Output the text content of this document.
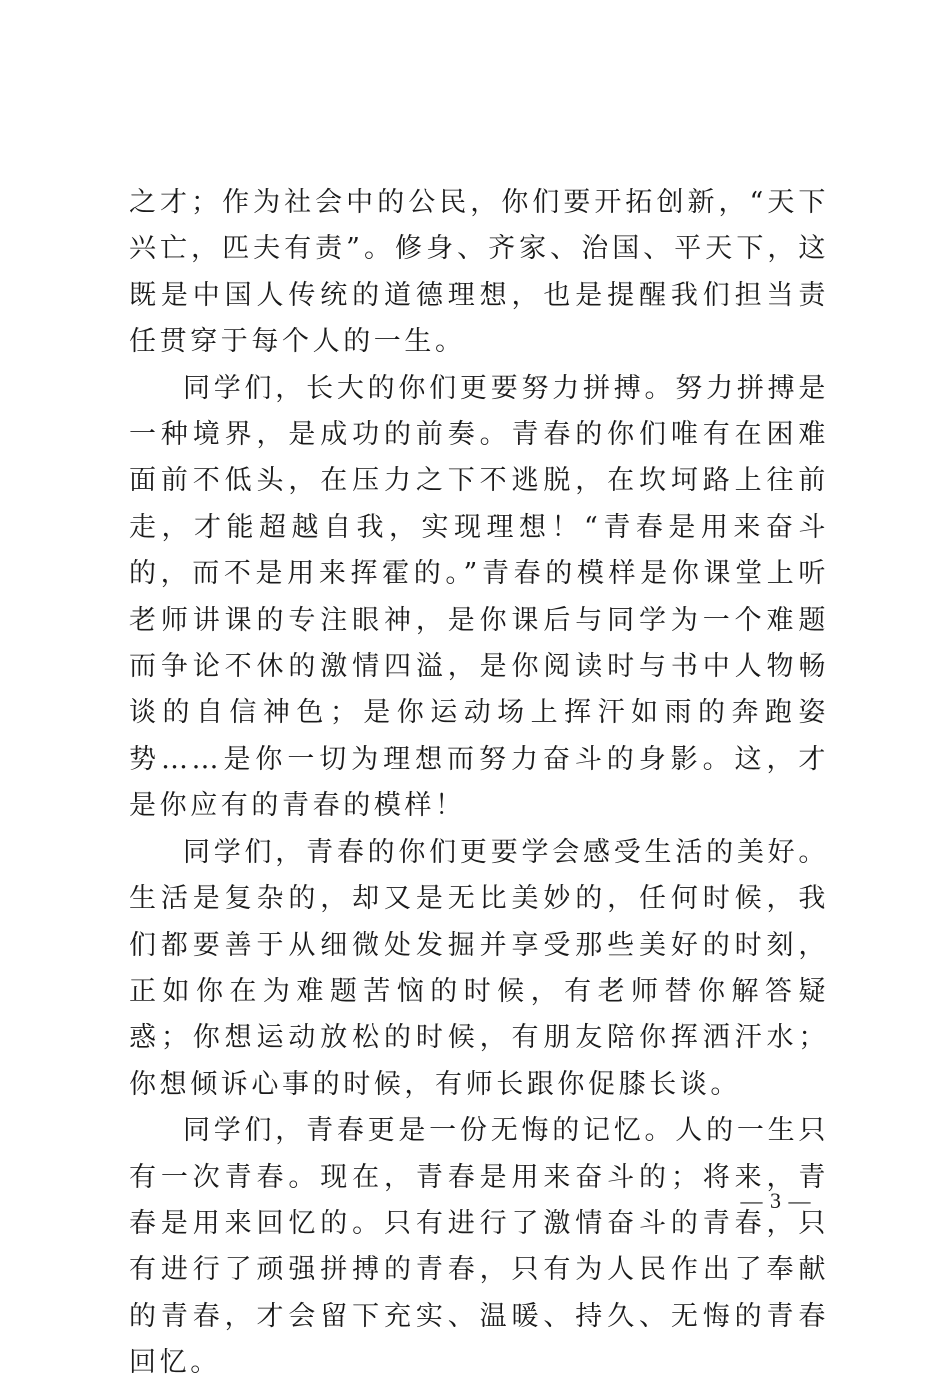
之才；作为社会中的公民，你们要开拓创新，“天下兴亡，匹夫有责”。修身、齐家、治国、平天下，这既是中国人传统的道德理想，也是提醒我们担当责任贯穿于每个人的一生。

同学们，长大的你们更要努力拼搏。努力拼搏是一种境界，是成功的前奏。青春的你们唯有在困难面前不低头，在压力之下不逃脱，在坎坷路上往前走，才能超越自我，实现理想！“青春是用来奋斗的，而不是用来挥霍的。”青春的模样是你课堂上听老师讲课的专注眼神，是你课后与同学为一个难题而争论不休的激情四溢，是你阅读时与书中人物畅谈的自信神色；是你运动场上挥汗如雨的奔跑姿势……是你一切为理想而努力奋斗的身影。这，才是你应有的青春的模样！

同学们，青春的你们更要学会感受生活的美好。生活是复杂的，却又是无比美妙的，任何时候，我们都要善于从细微处发掘并享受那些美好的时刻，正如你在为难题苦恼的时候，有老师替你解答疑惑；你想运动放松的时候，有朋友陪你挥洒汗水；你想倾诉心事的时候，有师长跟你促膝长谈。

同学们，青春更是一份无悔的记忆。人的一生只有一次青春。现在，青春是用来奋斗的；将来，青春是用来回忆的。只有进行了激情奋斗的青春，只有进行了顽强拼搏的青春，只有为人民作出了奉献的青春，才会留下充实、温暖、持久、无悔的青春回忆。

— 3 —
